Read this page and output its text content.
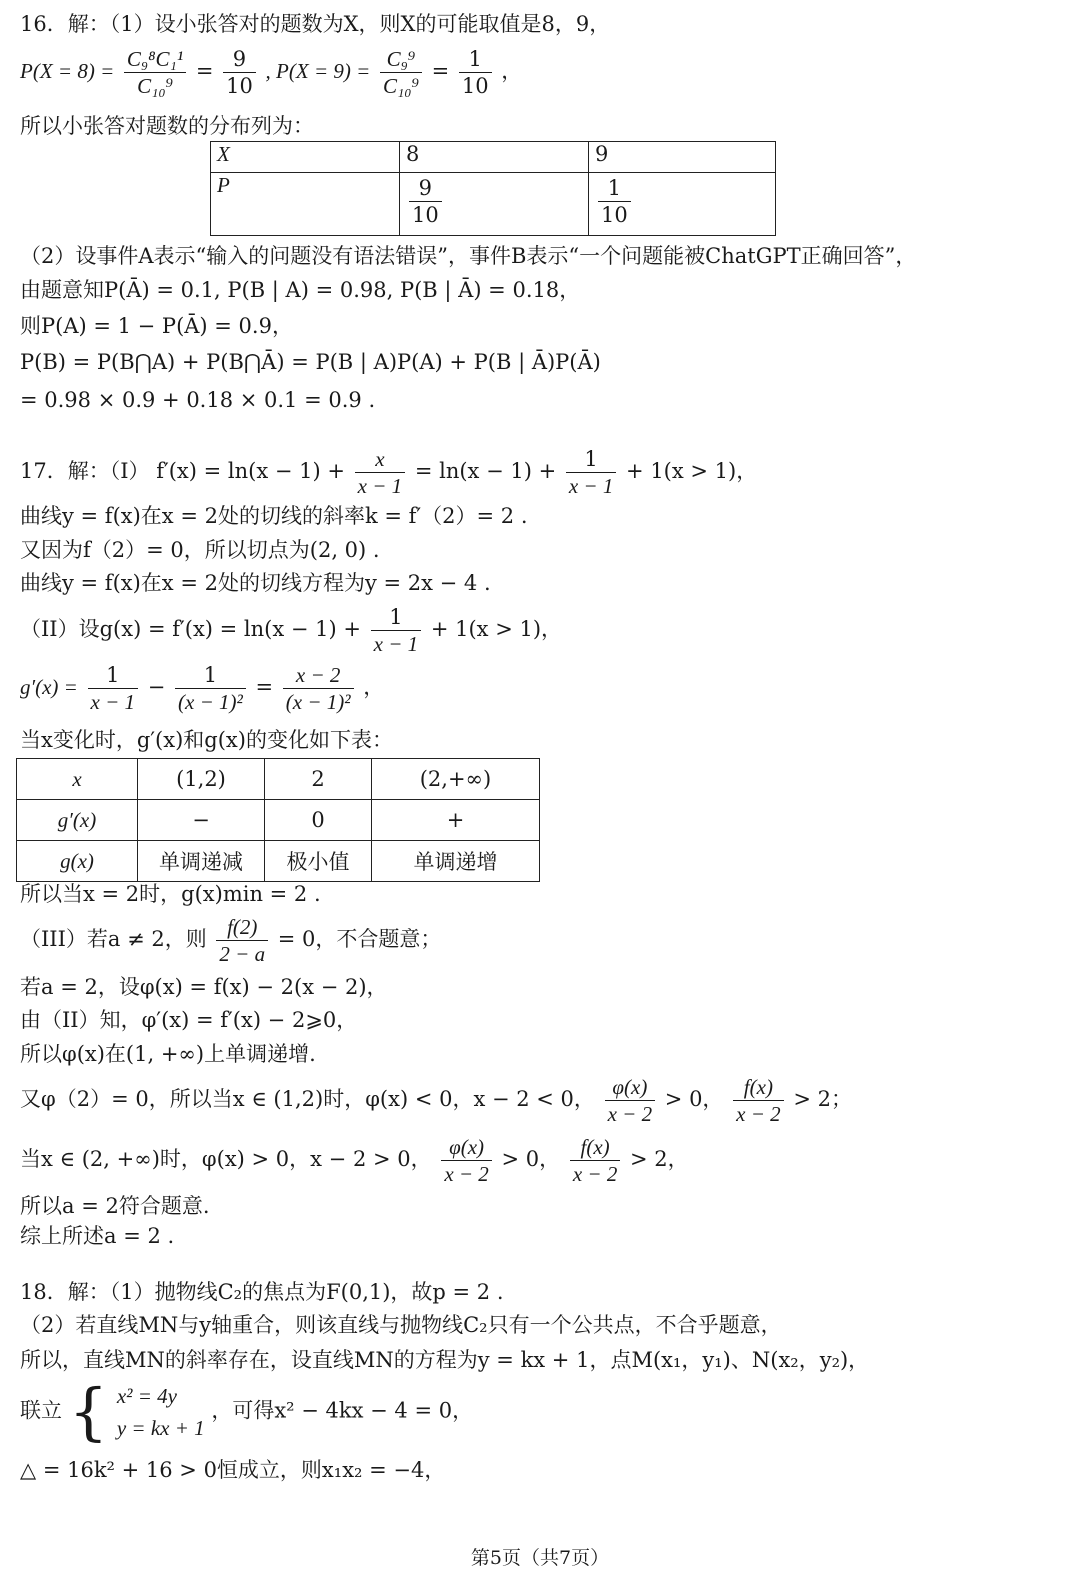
16．解：（1）设小张答对的题数为X，则X的可能取值是8，9，
$P(X = 8) = \frac{\text{C₉⁸C₁¹}}{\text{C₁₀⁹}} = \frac{9}{10}$ , $P(X = 9) = \frac{\text{C₉⁹}}{\text{C₁₀⁹}} = \frac{1}{10}$ ，
所以小张答对题数的分布列为：
X	8	9
P	$\frac{9}{10}$	$\frac{1}{10}$
（2）设事件A表示“输入的问题没有语法错误”，事件B表示“一个问题能被ChatGPT正确回答”，
由题意知P(Ā) = 0.1, P(B | A) = 0.98, P(B | Ā) = 0.18，
则P(A) = 1 − P(Ā) = 0.9，
P(B) = P(B⋂A) + P(B⋂Ā) = P(B | A)P(A) + P(B | Ā)P(Ā)
= 0.98 × 0.9 + 0.18 × 0.1 = 0.9 .
17．解：（I） $f'(x) = \ln(x - 1) + \frac{x}{x - 1} = \ln(x - 1) + \frac{1}{x - 1} + 1(x > 1)$，
曲线y = f(x)在x = 2处的切线的斜率k = f′（2）= 2 .
又因为f（2）= 0，所以切点为(2, 0) .
曲线y = f(x)在x = 2处的切线方程为y = 2x − 4 .
（II）设$g(x) = f'(x) = \ln(x - 1) + \frac{1}{x - 1} + 1(x > 1)$，
$g'(x) = \frac{1}{x - 1} - \frac{1}{\text{(x − 1)²}} = \frac{x - 2}{\text{(x − 1)²}}$ ，
当x变化时，g′(x)和g(x)的变化如下表：
x	(1,2)	2	(2,+∞)
g′(x)	−	0	+
g(x)	单调递减	极小值	单调递增
所以当x = 2时，g(x)min = 2 .
（III）若a ≠ 2，则 $\frac{f(2)}{2 - a} = 0$，不合题意；
若a = 2，设φ(x) = f(x) − 2(x − 2)，
由（II）知，φ′(x) = f′(x) − 2⩾0，
所以φ(x)在(1, +∞)上单调递增.
又φ（2）= 0，所以当x ∈ (1,2)时，φ(x) < 0，x − 2 < 0， $\frac{\varphi(x)}{x - 2} > 0$， $\frac{f(x)}{x - 2} > 2$；
当x ∈ (2, +∞)时，φ(x) > 0，x − 2 > 0， $\frac{\varphi(x)}{x - 2} > 0$， $\frac{f(x)}{x - 2} > 2$，
所以a = 2符合题意.
综上所述a = 2 .
18．解：（1）抛物线C₂的焦点为F(0,1)，故p = 2 .
（2）若直线MN与y轴重合，则该直线与抛物线C₂只有一个公共点，不合乎题意，
所以，直线MN的斜率存在，设直线MN的方程为y = kx + 1，点M(x₁，y₁)、N(x₂，y₂)，
联立 { x² = 4y
y = kx + 1
，可得x² − 4kx − 4 = 0，
△ = 16k² + 16 > 0恒成立，则x₁x₂ = −4，
第5页（共7页）
